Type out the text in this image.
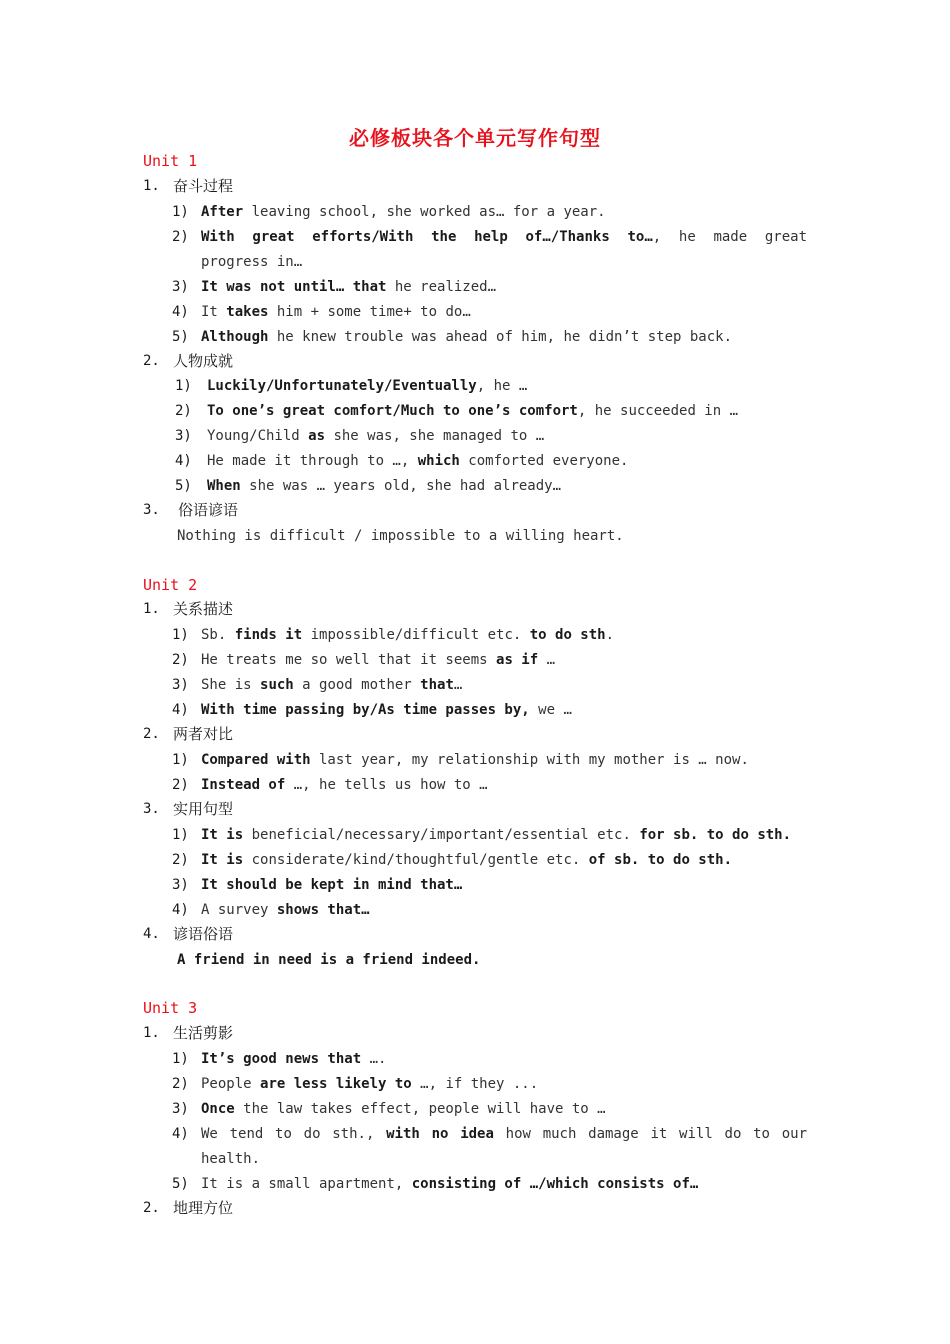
必修板块各个单元写作句型
Unit 1
1. 奋斗过程
1) After leaving school, she worked as… for a year.
2) With great efforts/With the help of…/Thanks to…, he made great
progress in…
3) It was not until… that he realized…
4) It takes him + some time+ to do…
5) Although he knew trouble was ahead of him, he didn’t step back.
2. 人物成就
1) Luckily/Unfortunately/Eventually, he …
2) To one’s great comfort/Much to one’s comfort, he succeeded in …
3) Young/Child as she was, she managed to …
4) He made it through to …, which comforted everyone.
5) When she was … years old, she had already…
3. 俗语谚语
Nothing is difficult / impossible to a willing heart.
Unit 2
1. 关系描述
1) Sb. finds it impossible/difficult etc. to do sth.
2) He treats me so well that it seems as if …
3) She is such a good mother that…
4) With time passing by/As time passes by, we …
2. 两者对比
1) Compared with last year, my relationship with my mother is … now.
2) Instead of …, he tells us how to …
3. 实用句型
1) It is beneficial/necessary/important/essential etc. for sb. to do sth.
2) It is considerate/kind/thoughtful/gentle etc. of sb. to do sth.
3) It should be kept in mind that…
4) A survey shows that…
4. 谚语俗语
A friend in need is a friend indeed.
Unit 3
1. 生活剪影
1) It’s good news that ….
2) People are less likely to …, if they ...
3) Once the law takes effect, people will have to …
4) We tend to do sth., with no idea how much damage it will do to our
health.
5) It is a small apartment, consisting of …/which consists of…
2. 地理方位
